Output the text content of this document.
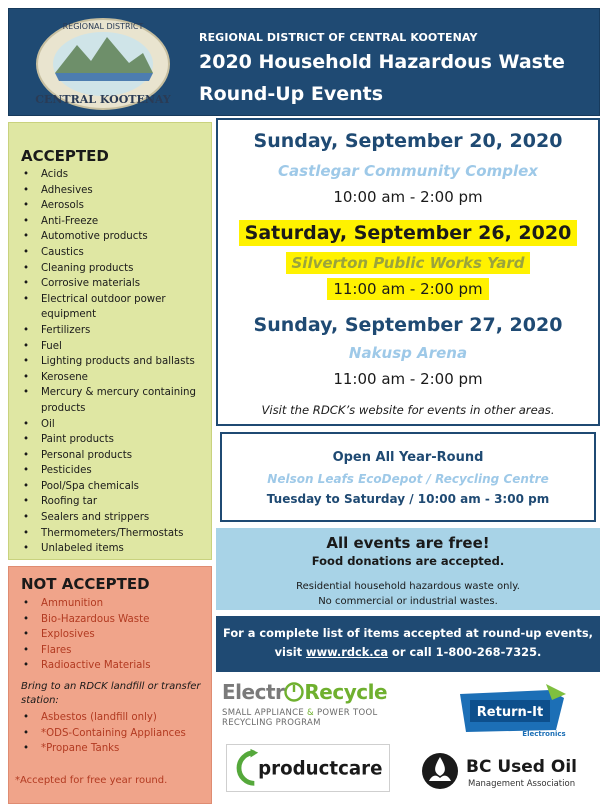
REGIONAL DISTRICT
CENTRAL KOOTENAY
REGIONAL DISTRICT OF CENTRAL KOOTENAY
2020 Household Hazardous Waste
Round-Up Events
ACCEPTED
• Acids
• Adhesives
• Aerosols
• Anti-Freeze
• Automotive products
• Caustics
• Cleaning products
• Corrosive materials
• Electrical outdoor power equipment
• Fertilizers
• Fuel
• Lighting products and ballasts
• Kerosene
• Mercury & mercury containing products
• Oil
• Paint products
• Personal products
• Pesticides
• Pool/Spa chemicals
• Roofing tar
• Sealers and strippers
• Thermometers/Thermostats
• Unlabeled items
NOT ACCEPTED
• Ammunition
• Bio-Hazardous Waste
• Explosives
• Flares
• Radioactive Materials
Bring to an RDCK landfill or transfer station:
• Asbestos (landfill only)
• *ODS-Containing Appliances
• *Propane Tanks
*Accepted for free year round.
Sunday, September 20, 2020
Castlegar Community Complex
10:00 am - 2:00 pm
Saturday, September 26, 2020
Silverton Public Works Yard
11:00 am - 2:00 pm
Sunday, September 27, 2020
Nakusp Arena
11:00 am - 2:00 pm
Visit the RDCK’s website for events in other areas.
Open All Year-Round
Nelson Leafs EcoDepot / Recycling Centre
Tuesday to Saturday / 10:00 am - 3:00 pm
All events are free!
Food donations are accepted.
Residential household hazardous waste only.
No commercial or industrial wastes.
For a complete list of items accepted at round-up events,
visit www.rdck.ca or call 1-800-268-7325.
Electr Recycle
SMALL APPLIANCE & POWER TOOL
RECYCLING PROGRAM
Return-It
Electronics
productcare	BC Used Oil
Management Association
